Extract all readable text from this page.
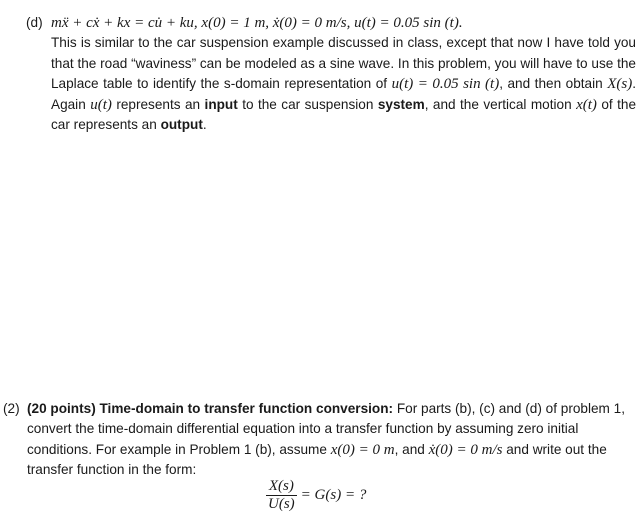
(d) mẍ + cẋ + kx = cu̇ + ku, x(0) = 1 m, ẋ(0) = 0 m/s, u(t) = 0.05 sin (t).
This is similar to the car suspension example discussed in class, except that now I have told you that the road “waviness” can be modeled as a sine wave. In this problem, you will have to use the Laplace table to identify the s-domain representation of u(t) = 0.05 sin (t), and then obtain X(s). Again u(t) represents an input to the car suspension system, and the vertical motion x(t) of the car represents an output.
(2) (20 points) Time-domain to transfer function conversion: For parts (b), (c) and (d) of problem 1, convert the time-domain differential equation into a transfer function by assuming zero initial conditions. For example in Problem 1 (b), assume x(0) = 0 m, and ẋ(0) = 0 m/s and write out the transfer function in the form:
$\frac{X(s)}{U(s)} = G(s)$ = ?
